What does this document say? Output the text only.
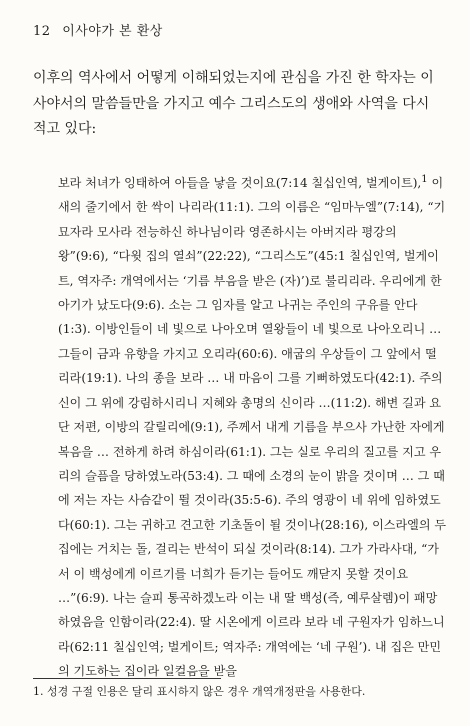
12 이사야가 본 환상

이후의 역사에서 어떻게 이해되었는지에 관심을 가진 한 학자는 이사야서의 말씀들만을 가지고 예수 그리스도의 생애와 사역을 다시 적고 있다:

보라 처녀가 잉태하여 아들을 낳을 것이요(7:14 칠십인역, 벌게이트),$^1$ 이새의 줄기에서 한 싹이 나리라(11:1). 그의 이름은 “임마누엘”(7:14), “기묘자라 모사라 전능하신 하나님이라 영존하시는 아버지라 평강의 왕”(9:6), “다윗 집의 열쇠”(22:22), “그리스도”(45:1 칠십인역, 벌게이트, 역자주: 개역에서는 ‘기름 부음을 받은 (자)’)로 불리리라. 우리에게 한 아기가 났도다(9:6). 소는 그 임자를 알고 나귀는 주인의 구유를 안다(1:3). 이방인들이 네 빛으로 나아오며 열왕들이 네 빛으로 나아오리니 … 그들이 금과 유향을 가지고 오리라(60:6). 애굽의 우상들이 그 앞에서 떨리라(19:1). 나의 종을 보라 … 내 마음이 그를 기뻐하였도다(42:1). 주의 신이 그 위에 강림하시리니 지혜와 총명의 신이라 …(11:2). 해변 길과 요단 저편, 이방의 갈릴리에(9:1), 주께서 내게 기름을 부으사 가난한 자에게 복음을 … 전하게 하려 하심이라(61:1). 그는 실로 우리의 질고를 지고 우리의 슬픔을 당하였노라(53:4). 그 때에 소경의 눈이 밝을 것이며 … 그 때에 저는 자는 사슴같이 뛸 것이라(35:5-6). 주의 영광이 네 위에 임하였도다(60:1). 그는 귀하고 견고한 기초돌이 될 것이나(28:16), 이스라엘의 두 집에는 거치는 돌, 걸리는 반석이 되실 것이라(8:14). 그가 가라사대, “가서 이 백성에게 이르기를 너희가 듣기는 들어도 깨닫지 못할 것이요 …”(6:9). 나는 슬피 통곡하겠노라 이는 내 딸 백성(즉, 예루살렘)이 패망하였음을 인함이라(22:4). 딸 시온에게 이르라 보라 네 구원자가 임하느니라(62:11 칠십인역; 벌게이트; 역자주: 개역에는 ‘네 구원’). 내 집은 만민의 기도하는 집이라 일컬음을 받을

1. 성경 구절 인용은 달리 표시하지 않은 경우 개역개정판을 사용한다.
